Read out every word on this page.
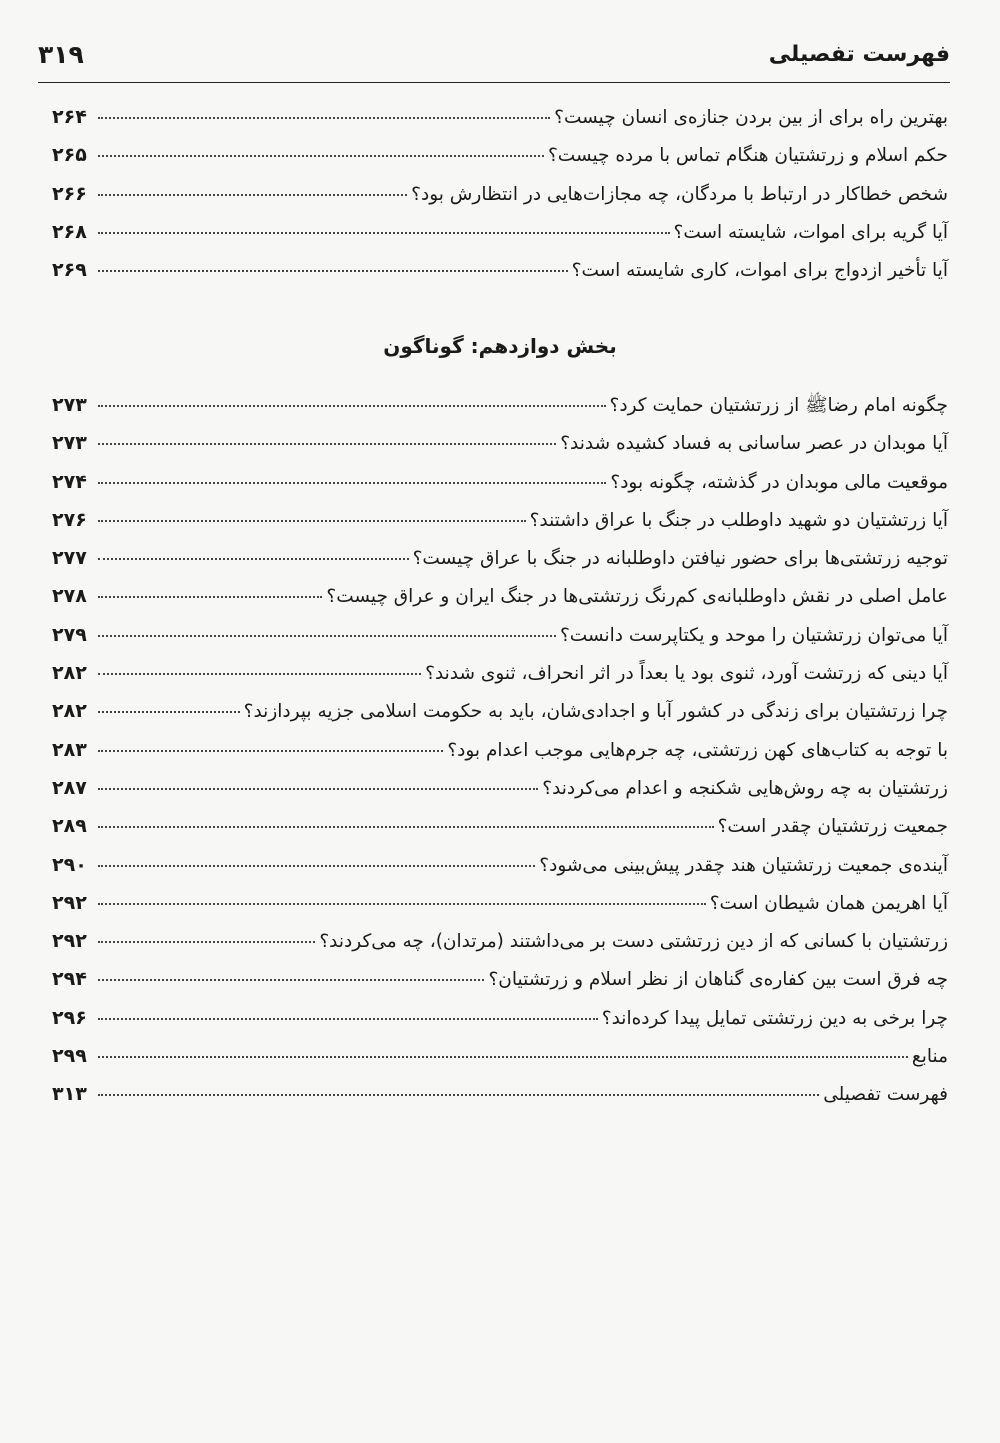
فهرست تفصیلی
۳۱۹
بهترین راه برای از بین بردن جنازه‌ی انسان چیست؟
۲۶۴
حکم اسلام و زرتشتیان هنگام تماس با مرده چیست؟
۲۶۵
شخص خطاکار در ارتباط با مردگان، چه مجازات‌هایی در انتظارش بود؟
۲۶۶
آیا گریه برای اموات، شایسته است؟
۲۶۸
آیا تأخیر ازدواج برای اموات، کاری شایسته است؟
۲۶۹
بخش دوازدهم: گوناگون
چگونه امام رضاﷺ از زرتشتیان حمایت کرد؟
۲۷۳
آیا موبدان در عصر ساسانی به فساد کشیده شدند؟
۲۷۳
موقعیت مالی موبدان در گذشته، چگونه بود؟
۲۷۴
آیا زرتشتیان دو شهید داوطلب در جنگ با عراق داشتند؟
۲۷۶
توجیه زرتشتی‌ها برای حضور نیافتن داوطلبانه در جنگ با عراق چیست؟
۲۷۷
عامل اصلی در نقش داوطلبانه‌ی کم‌رنگ زرتشتی‌ها در جنگ ایران و عراق چیست؟
۲۷۸
آیا می‌توان زرتشتیان را موحد و یکتاپرست دانست؟
۲۷۹
آیا دینی که زرتشت آورد، ثنوی بود یا بعداً در اثر انحراف، ثنوی شدند؟
۲۸۲
چرا زرتشتیان برای زندگی در کشور آبا و اجدادی‌شان، باید به حکومت اسلامی جزیه بپردازند؟
۲۸۲
با توجه به کتاب‌های کهن زرتشتی، چه جرم‌هایی موجب اعدام بود؟
۲۸۳
زرتشتیان به چه روش‌هایی شکنجه و اعدام می‌کردند؟
۲۸۷
جمعیت زرتشتیان چقدر است؟
۲۸۹
آینده‌ی جمعیت زرتشتیان هند چقدر پیش‌بینی می‌شود؟
۲۹۰
آیا اهریمن همان شیطان است؟
۲۹۲
زرتشتیان با کسانی که از دین زرتشتی دست بر می‌داشتند (مرتدان)، چه می‌کردند؟
۲۹۲
چه فرق است بین کفاره‌ی گناهان از نظر اسلام و زرتشتیان؟
۲۹۴
چرا برخی به دین زرتشتی تمایل پیدا کرده‌اند؟
۲۹۶
منابع
۲۹۹
فهرست تفصیلی
۳۱۳
